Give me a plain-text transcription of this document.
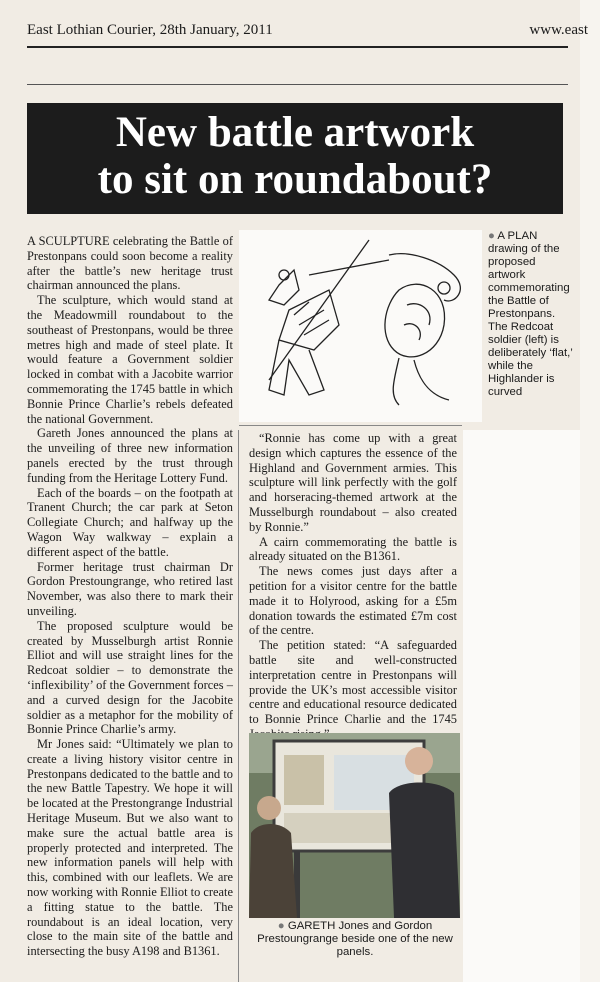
East Lothian Courier, 28th January, 2011	www.east
New battle artwork
to sit on roundabout?

A SCULPTURE celebrating the Battle of Prestonpans could soon become a reality after the battle’s new heritage trust chairman announced the plans.

The sculpture, which would stand at the Meadowmill roundabout to the southeast of Prestonpans, would be three metres high and made of steel plate. It would feature a Government soldier locked in combat with a Jacobite warrior commemorating the 1745 battle in which Bonnie Prince Charlie’s rebels defeated the national Government.

Gareth Jones announced the plans at the unveiling of three new information panels erected by the trust through funding from the Heritage Lottery Fund.

Each of the boards – on the footpath at Tranent Church; the car park at Seton Collegiate Church; and halfway up the Wagon Way walkway – explain a different aspect of the battle.

Former heritage trust chairman Dr Gordon Prestoungrange, who retired last November, was also there to mark their unveiling.

The proposed sculpture would be created by Musselburgh artist Ronnie Elliot and will use straight lines for the Redcoat soldier – to demonstrate the ‘inflexibility’ of the Government forces – and a curved design for the Jacobite soldier as a metaphor for the mobility of Bonnie Prince Charlie’s army.

Mr Jones said: “Ultimately we plan to create a living history visitor centre in Prestonpans dedicated to the battle and to the new Battle Tapestry. We hope it will be located at the Prestongrange Industrial Heritage Museum. But we also want to make sure the actual battle area is properly protected and interpreted. The new information panels will help with this, combined with our leaflets. We are now working with Ronnie Elliot to create a fitting statue to the battle. The roundabout is an ideal location, very close to the main site of the battle and intersecting the busy A198 and B1361.

● A PLAN drawing of the proposed artwork commemorating the Battle of Prestonpans. The Redcoat soldier (left) is deliberately ‘flat,’ while the Highlander is curved

“Ronnie has come up with a great design which captures the essence of the Highland and Government armies. This sculpture will link perfectly with the golf and horseracing-themed artwork at the Musselburgh roundabout – also created by Ronnie.”

A cairn commemorating the battle is already situated on the B1361.

The news comes just days after a petition for a visitor centre for the battle made it to Holyrood, asking for a £5m donation towards the estimated £7m cost of the centre.

The petition stated: “A safeguarded battle site and well-constructed interpretation centre in Prestonpans will provide the UK’s most accessible visitor centre and educational resource dedicated to Bonnie Prince Charlie and the 1745

● GARETH Jones and Gordon Prestoungrange beside one of the new panels.
